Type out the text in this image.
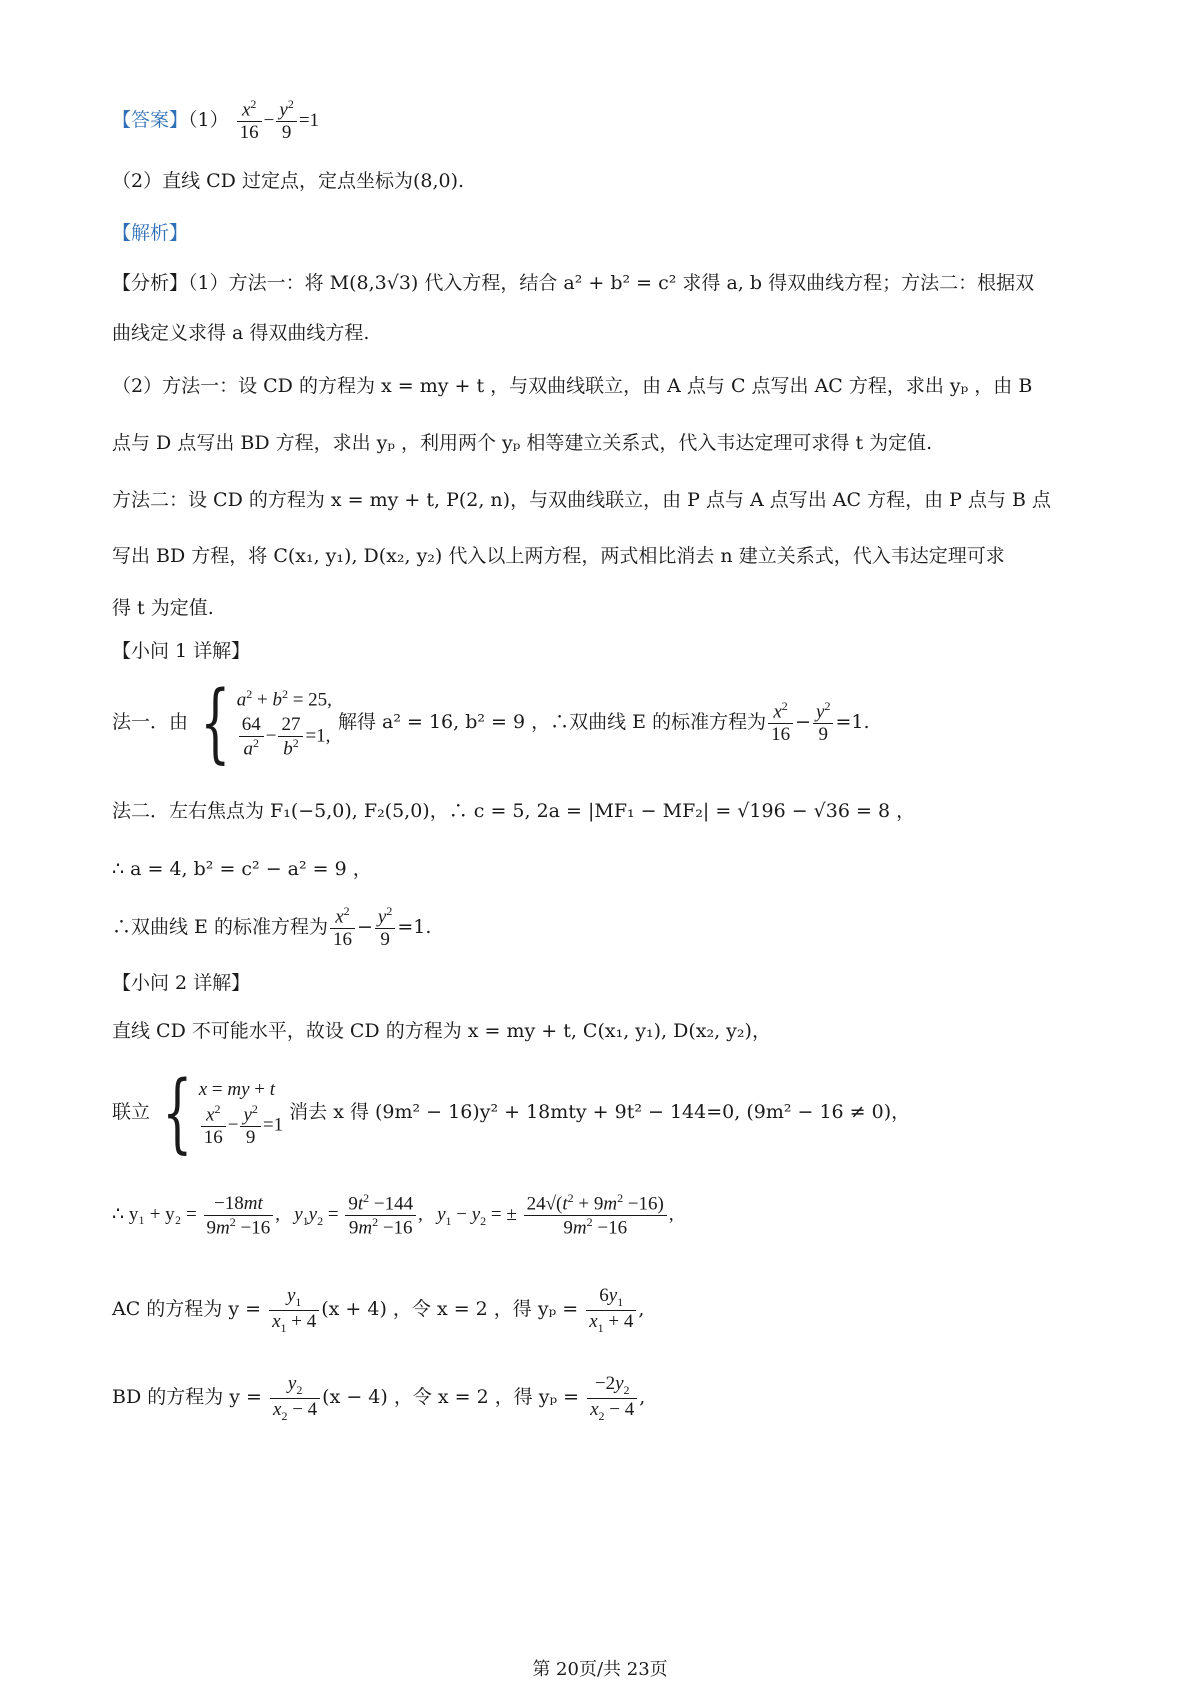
【答案】$(1) \frac{x^2}{16} - \frac{y^2}{9} =1$
（2）直线 CD 过定点，定点坐标为(8,0).
【解析】
【分析】（1）方法一：将 M(8,3√3) 代入方程，结合 a² + b² = c² 求得 a, b 得双曲线方程；方法二：根据双
曲线定义求得 a 得双曲线方程.
（2）方法一：设 CD 的方程为 x = my + t ，与双曲线联立，由 A 点与 C 点写出 AC 方程，求出 yₚ ，由 B
点与 D 点写出 BD 方程，求出 yₚ ，利用两个 yₚ 相等建立关系式，代入韦达定理可求得 t 为定值.
方法二：设 CD 的方程为 x = my + t, P(2, n)，与双曲线联立，由 P 点与 A 点写出 AC 方程，由 P 点与 B 点
写出 BD 方程，将 C(x₁, y₁), D(x₂, y₂) 代入以上两方程，两式相比消去 n 建立关系式，代入韦达定理可求
得 t 为定值.
【小问 1 详解】
法一．由 { $a^2 + b^2 = 25$,
$\frac{64}{a^2} - \frac{27}{b^2} =1$,
解得 a² = 16, b² = 9 ，∴双曲线 E 的标准方程为 $\frac{x^2}{16} - \frac{y^2}{9} =1$.
法二．左右焦点为 F₁(−5,0), F₂(5,0)，∴ c = 5, 2a = |MF₁ − MF₂| = √196 − √36 = 8 ，
∴ a = 4, b² = c² − a² = 9 ，
∴双曲线 E 的标准方程为 $\frac{x^2}{16} - \frac{y^2}{9} =1$.
【小问 2 详解】
直线 CD 不可能水平，故设 CD 的方程为 x = my + t, C(x₁, y₁), D(x₂, y₂)，
联立 { x = my + t
$\frac{x^2}{16} - \frac{y^2}{9} =1$
消去 x 得 (9m² − 16)y² + 18mty + 9t² − 144=0, (9m² − 16 ≠ 0)，
∴ $y_1 + y_2 = \frac{-18mt}{9m^2 -16}$ ,   $y_1y_2 = \frac{9t^2 -144}{9m^2 -16}$ ,   $y_1 - y_2$ = ± $\frac{24√(t^2 + 9m^2 -16)}{9m^2 -16}$ ,
AC 的方程为 $y = \frac{y_1}{x_1 + 4} (x + 4)$ ，令 x = 2 ，得 $y_p = \frac{6y_1}{x_1 + 4}$ ,
BD 的方程为 $y = \frac{y_2}{x_2 - 4} (x - 4)$ ，令 x = 2 ，得 $y_p = \frac{-2y_2}{x_2 - 4}$ ,
第 20页/共 23页
